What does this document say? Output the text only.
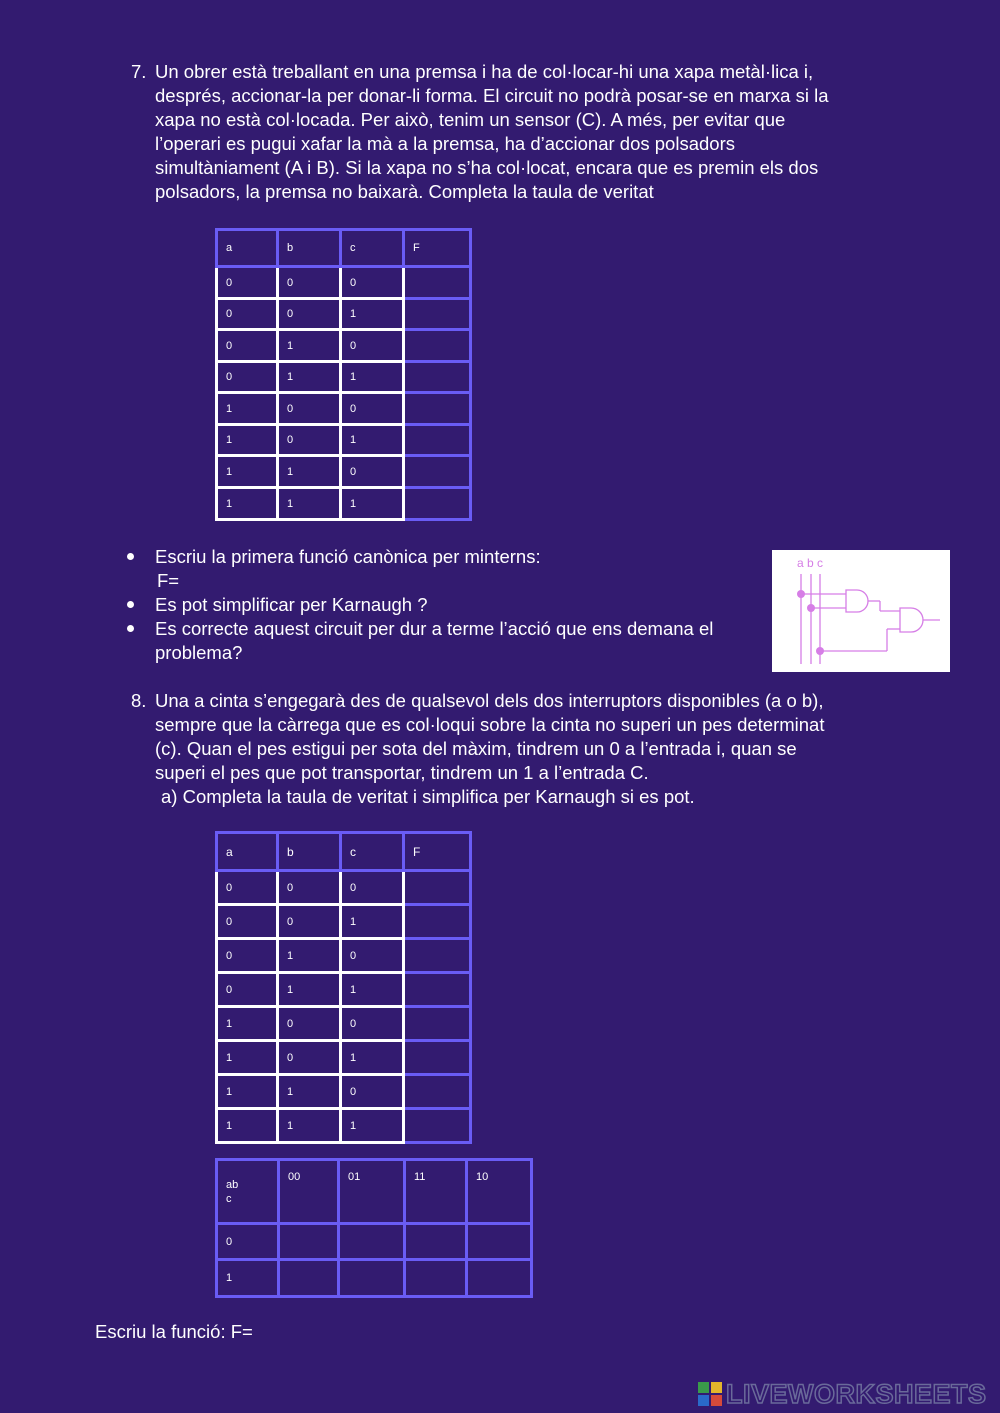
7. Un obrer està treballant en una premsa i ha de col·locar-hi una xapa metàl·lica i,
després, accionar-la per donar-li forma. El circuit no podrà posar-se en marxa si la
xapa no està col·locada. Per això, tenim un sensor (C). A més, per evitar que
l’operari es pugui xafar la mà a la premsa, ha d’accionar dos polsadors
simultàniament (A i B). Si la xapa no s’ha col·locat, encara que es premin els dos
polsadors, la premsa no baixarà. Completa la taula de veritat
a	b	c	F
0	0	0	
0	0	1	
0	1	0	
0	1	1	
1	0	0	
1	0	1	
1	1	0	
1	1	1	
Escriu la primera funció canònica per minterns:
F=
Es pot simplificar per Karnaugh ?
Es correcte aquest circuit per dur a terme l’acció que ens demana el
problema?
a b c
8. Una a cinta s’engegarà des de qualsevol dels dos interruptors disponibles (a o b),
sempre que la càrrega que es col·loqui sobre la cinta no superi un pes determinat
(c). Quan el pes estigui per sota del màxim, tindrem un 0 a l’entrada i, quan se
superi el pes que pot transportar, tindrem un 1 a l’entrada C.
a) Completa la taula de veritat i simplifica per Karnaugh si es pot.
a	b	c	F
0	0	0	
0	0	1	
0	1	0	
0	1	1	
1	0	0	
1	0	1	
1	1	0	
1	1	1	
ab
c	00	01	11	10
0				
1				
Escriu la funció: F=
LIVEWORKSHEETS
